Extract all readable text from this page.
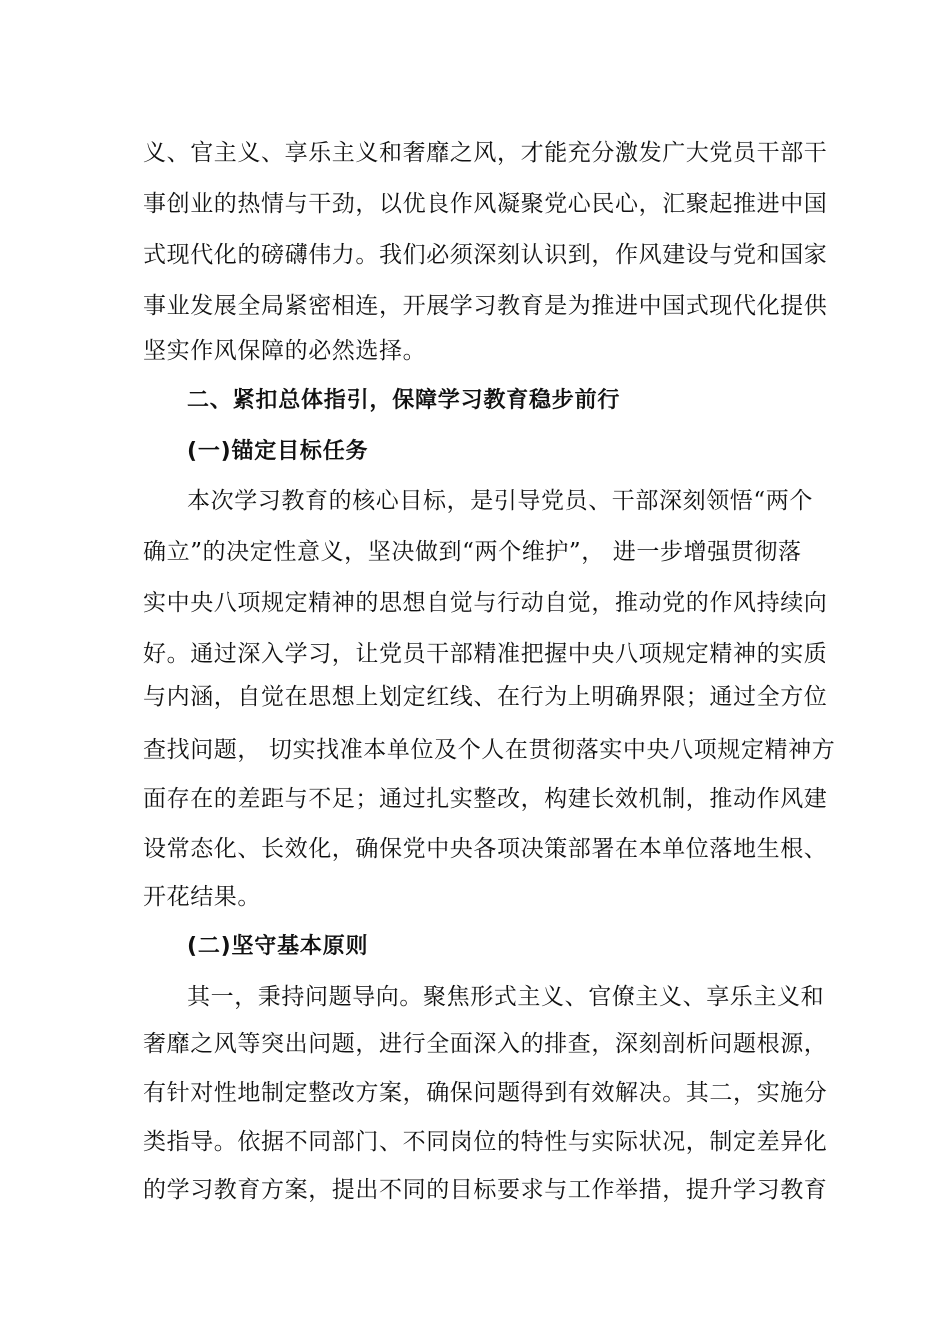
义、官主义、享乐主义和奢靡之风，才能充分激发广大党员干部干
事创业的热情与干劲，以优良作风凝聚党心民心，汇聚起推进中国
式现代化的磅礴伟力。我们必须深刻认识到，作风建设与党和国家
事业发展全局紧密相连，开展学习教育是为推进中国式现代化提供
坚实作风保障的必然选择。
二、紧扣总体指引，保障学习教育稳步前行
(一)锚定目标任务
本次学习教育的核心目标，是引导党员、干部深刻领悟“两个
确立”的决定性意义，坚决做到“两个维护”， 进一步增强贯彻落
实中央八项规定精神的思想自觉与行动自觉，推动党的作风持续向
好。通过深入学习，让党员干部精准把握中央八项规定精神的实质
与内涵，自觉在思想上划定红线、在行为上明确界限；通过全方位
查找问题， 切实找准本单位及个人在贯彻落实中央八项规定精神方
面存在的差距与不足；通过扎实整改，构建长效机制，推动作风建
设常态化、长效化，确保党中央各项决策部署在本单位落地生根、
开花结果。
(二)坚守基本原则
其一，秉持问题导向。聚焦形式主义、官僚主义、享乐主义和
奢靡之风等突出问题，进行全面深入的排查，深刻剖析问题根源，
有针对性地制定整改方案，确保问题得到有效解决。其二，实施分
类指导。依据不同部门、不同岗位的特性与实际状况，制定差异化
的学习教育方案，提出不同的目标要求与工作举措，提升学习教育
